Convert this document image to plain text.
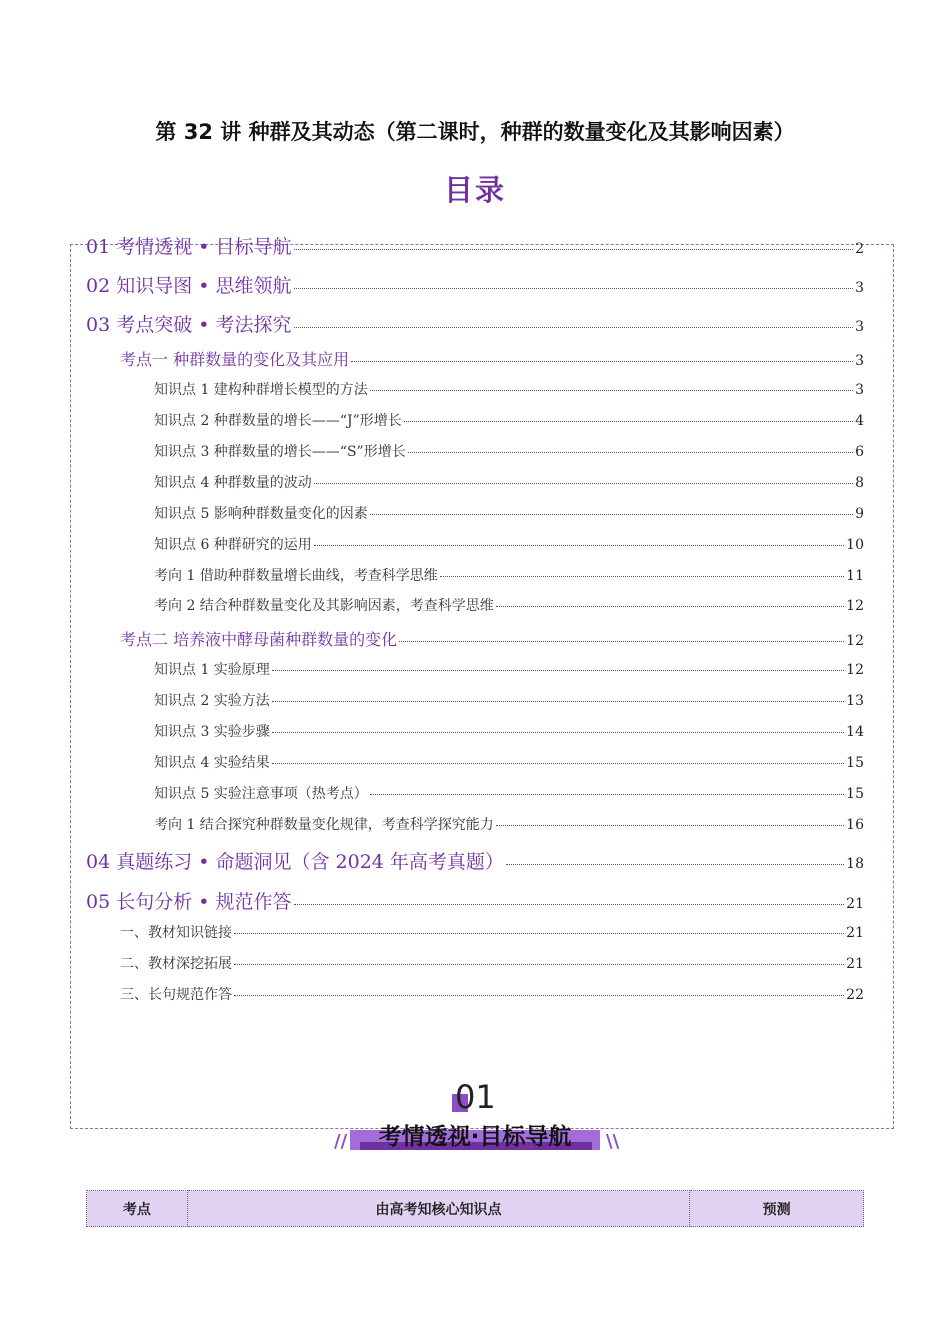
第 32 讲 种群及其动态（第二课时，种群的数量变化及其影响因素）
目录
01 考情透视 • 目标导航	2
02 知识导图 • 思维领航	3
03 考点突破 • 考法探究	3
考点一 种群数量的变化及其应用	3
知识点 1 建构种群增长模型的方法	3
知识点 2 种群数量的增长——“J”形增长	4
知识点 3 种群数量的增长——“S”形增长	6
知识点 4 种群数量的波动	8
知识点 5 影响种群数量变化的因素	9
知识点 6 种群研究的运用	10
考向 1 借助种群数量增长曲线，考查科学思维	11
考向 2 结合种群数量变化及其影响因素，考查科学思维	12
考点二 培养液中酵母菌种群数量的变化	12
知识点 1 实验原理	12
知识点 2 实验方法	13
知识点 3 实验步骤	14
知识点 4 实验结果	15
知识点 5 实验注意事项（热考点）	15
考向 1 结合探究种群数量变化规律，考查科学探究能力	16
04 真题练习 • 命题洞见（含 2024 年高考真题）	18
05 长句分析 • 规范作答	21
一、教材知识链接	21
二、教材深挖拓展	21
三、长句规范作答	22
01
//	\\
考情透视·目标导航
考点	由高考知核心知识点	预测
